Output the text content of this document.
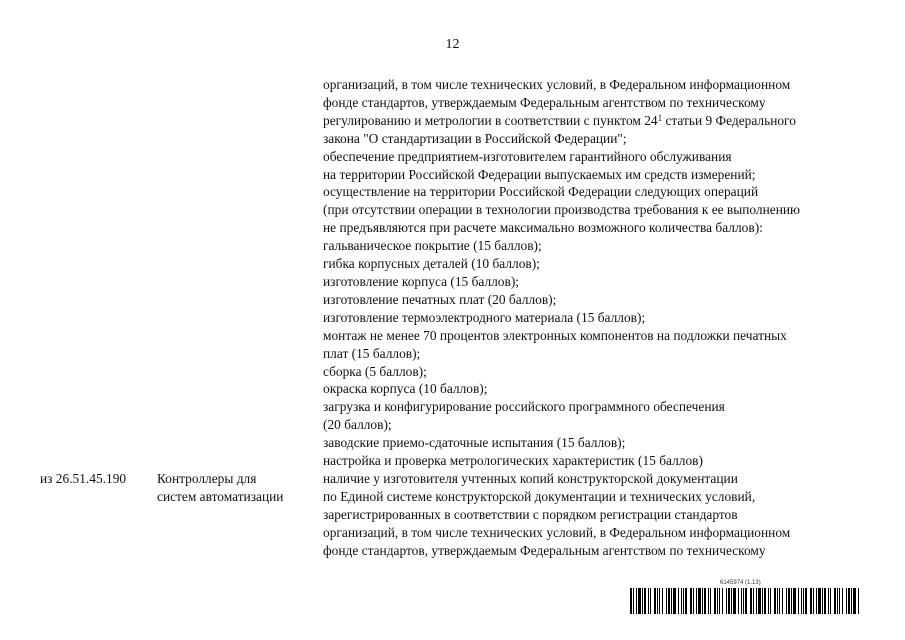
12
организаций, в том числе технических условий, в Федеральном информационном
фонде стандартов, утверждаемым Федеральным агентством по техническому
регулированию и метрологии в соответствии с пунктом $24^1$ статьи 9 Федерального
закона "О стандартизации в Российской Федерации";
обеспечение предприятием-изготовителем гарантийного обслуживания
на территории Российской Федерации выпускаемых им средств измерений;
осуществление на территории Российской Федерации следующих операций
(при отсутствии операции в технологии производства требования к ее выполнению
не предъявляются при расчете максимально возможного количества баллов):
гальваническое покрытие (15 баллов);
гибка корпусных деталей (10 баллов);
изготовление корпуса (15 баллов);
изготовление печатных плат (20 баллов);
изготовление термоэлектродного материала (15 баллов);
монтаж не менее 70 процентов электронных компонентов на подложки печатных
плат (15 баллов);
сборка (5 баллов);
окраска корпуса (10 баллов);
загрузка и конфигурирование российского программного обеспечения
(20 баллов);
заводские приемо-сдаточные испытания (15 баллов);
настройка и проверка метрологических характеристик (15 баллов)
из 26.51.45.190 Контроллеры для
систем автоматизации
наличие у изготовителя учтенных копий конструкторской документации
по Единой системе конструкторской документации и технических условий,
зарегистрированных в соответствии с порядком регистрации стандартов
организаций, в том числе технических условий, в Федеральном информационном
фонде стандартов, утверждаемым Федеральным агентством по техническому
6145974 (1.13)
